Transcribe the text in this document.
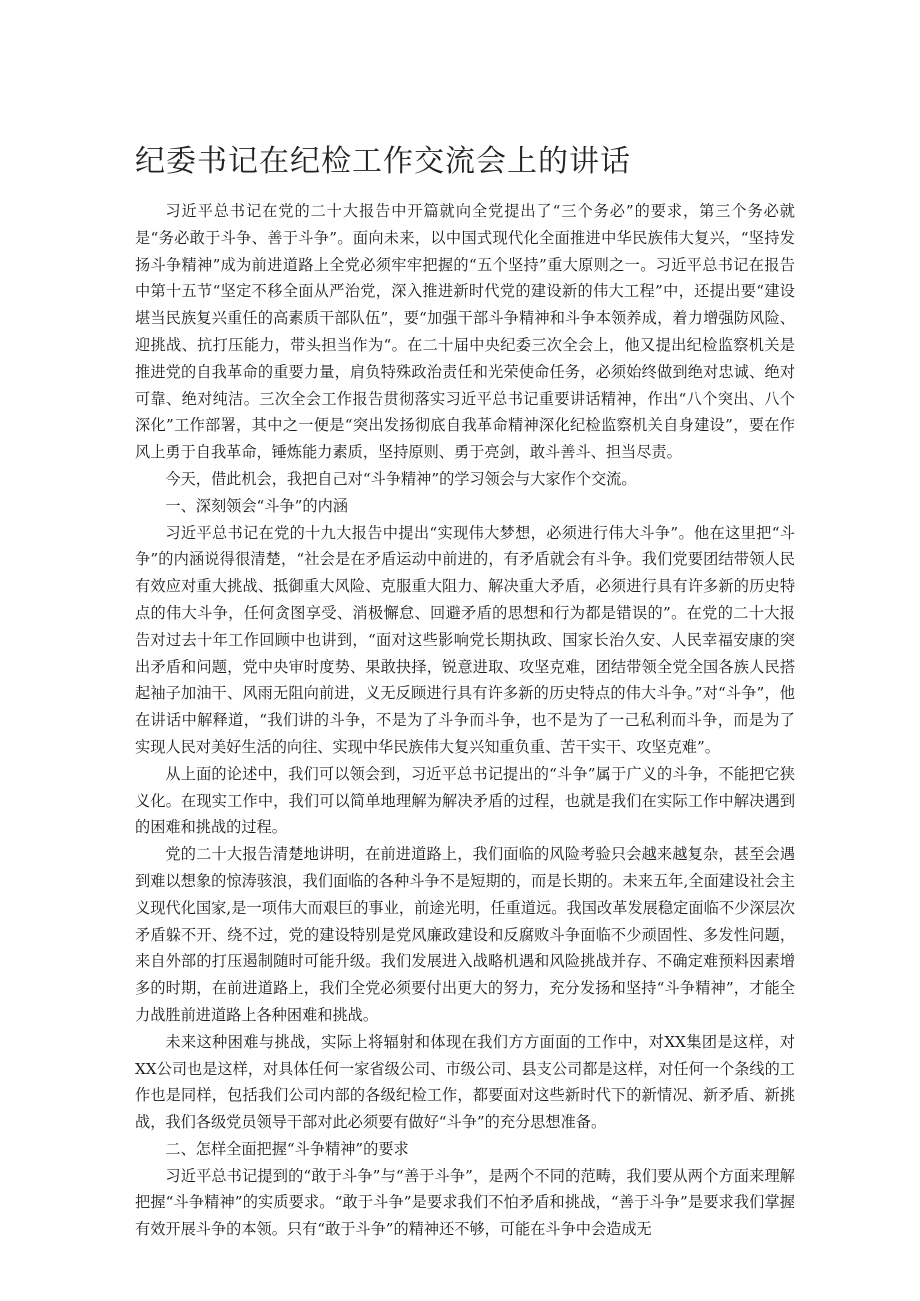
纪委书记在纪检工作交流会上的讲话

习近平总书记在党的二十大报告中开篇就向全党提出了“三个务必”的要求，第三个务必就是“务必敢于斗争、善于斗争”。面向未来，以中国式现代化全面推进中华民族伟大复兴，“坚持发扬斗争精神”成为前进道路上全党必须牢牢把握的“五个坚持”重大原则之一。习近平总书记在报告中第十五节“坚定不移全面从严治党，深入推进新时代党的建设新的伟大工程”中，还提出要“建设堪当民族复兴重任的高素质干部队伍”，要“加强干部斗争精神和斗争本领养成，着力增强防风险、迎挑战、抗打压能力，带头担当作为“。在二十届中央纪委三次全会上，他又提出纪检监察机关是推进党的自我革命的重要力量，肩负特殊政治责任和光荣使命任务，必须始终做到绝对忠诚、绝对可靠、绝对纯洁。三次全会工作报告贯彻落实习近平总书记重要讲话精神，作出“八个突出、八个深化”工作部署，其中之一便是“突出发扬彻底自我革命精神深化纪检监察机关自身建设”，要在作风上勇于自我革命，锤炼能力素质，坚持原则、勇于亮剑，敢斗善斗、担当尽责。

今天，借此机会，我把自己对“斗争精神”的学习领会与大家作个交流。

一、深刻领会“斗争”的内涵

习近平总书记在党的十九大报告中提出“实现伟大梦想，必须进行伟大斗争”。他在这里把“斗争”的内涵说得很清楚，“社会是在矛盾运动中前进的，有矛盾就会有斗争。我们党要团结带领人民有效应对重大挑战、抵御重大风险、克服重大阻力、解决重大矛盾，必须进行具有许多新的历史特点的伟大斗争，任何贪图享受、消极懈怠、回避矛盾的思想和行为都是错误的”。在党的二十大报告对过去十年工作回顾中也讲到，“面对这些影响党长期执政、国家长治久安、人民幸福安康的突出矛盾和问题，党中央审时度势、果敢抉择，锐意进取、攻坚克难，团结带领全党全国各族人民搭起袖子加油干、风雨无阻向前进，义无反顾进行具有许多新的历史特点的伟大斗争。”对“斗争”，他在讲话中解释道，“我们讲的斗争，不是为了斗争而斗争，也不是为了一己私利而斗争，而是为了实现人民对美好生活的向往、实现中华民族伟大复兴知重负重、苦干实干、攻坚克难”。

从上面的论述中，我们可以领会到，习近平总书记提出的“斗争”属于广义的斗争，不能把它狭义化。在现实工作中，我们可以简单地理解为解决矛盾的过程，也就是我们在实际工作中解决遇到的困难和挑战的过程。

党的二十大报告清楚地讲明，在前进道路上，我们面临的风险考验只会越来越复杂，甚至会遇到难以想象的惊涛骇浪，我们面临的各种斗争不是短期的，而是长期的。未来五年,全面建设社会主义现代化国家,是一项伟大而艰巨的事业，前途光明，任重道远。我国改革发展稳定面临不少深层次矛盾躲不开、绕不过，党的建设特别是党风廉政建设和反腐败斗争面临不少顽固性、多发性问题，来自外部的打压遏制随时可能升级。我们发展进入战略机遇和风险挑战并存、不确定难预料因素增多的时期，在前进道路上，我们全党必须要付出更大的努力，充分发扬和坚持“斗争精神”，才能全力战胜前进道路上各种困难和挑战。

未来这种困难与挑战，实际上将辐射和体现在我们方方面面的工作中，对XX集团是这样，对XX公司也是这样，对具体任何一家省级公司、市级公司、县支公司都是这样，对任何一个条线的工作也是同样，包括我们公司内部的各级纪检工作，都要面对这些新时代下的新情况、新矛盾、新挑战，我们各级党员领导干部对此必须要有做好“斗争”的充分思想准备。

二、怎样全面把握“斗争精神”的要求

习近平总书记提到的“敢于斗争”与“善于斗争”，是两个不同的范畴，我们要从两个方面来理解把握“斗争精神”的实质要求。“敢于斗争”是要求我们不怕矛盾和挑战，“善于斗争”是要求我们掌握有效开展斗争的本领。只有“敢于斗争”的精神还不够，可能在斗争中会造成无
